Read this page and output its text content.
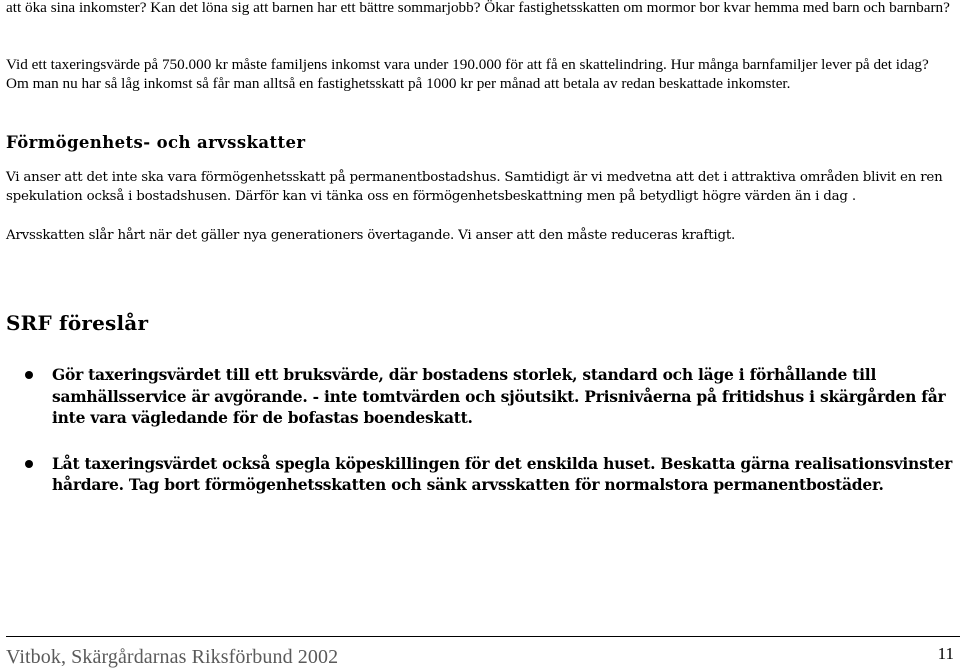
att öka sina inkomster? Kan det löna sig att barnen har ett bättre sommarjobb? Ökar fastighetsskatten om mormor bor kvar hemma med barn och barnbarn?

Vid ett taxeringsvärde på 750.000 kr måste familjens inkomst vara under 190.000 för att få en skattelindring. Hur många barnfamiljer lever på det idag? Om man nu har så låg inkomst så får man alltså en fastighetsskatt på 1000 kr per månad att betala av redan beskattade inkomster.

Förmögenhets- och arvsskatter

Vi anser att det inte ska vara förmögenhetsskatt på permanentbostadshus. Samtidigt är vi medvetna att det i attraktiva områden blivit en ren spekulation också i bostadshusen. Därför kan vi tänka oss en förmögenhetsbeskattning men på betydligt högre värden än i dag .

Arvsskatten slår hårt när det gäller nya generationers övertagande. Vi anser att den måste reduceras kraftigt.

SRF föreslår
Gör taxeringsvärdet till ett bruksvärde, där bostadens storlek, standard och läge i förhållande till samhällsservice är avgörande. - inte tomtvärden och sjöutsikt. Prisnivåerna på fritidshus i skärgården får inte vara vägledande för de bofastas boendeskatt.
Låt taxeringsvärdet också spegla köpeskillingen för det enskilda huset. Beskatta gärna realisationsvinster hårdare. Tag bort förmögenhetsskatten och sänk arvsskatten för normalstora permanentbostäder.
Vitbok, Skärgårdarnas Riksförbund 2002	11
